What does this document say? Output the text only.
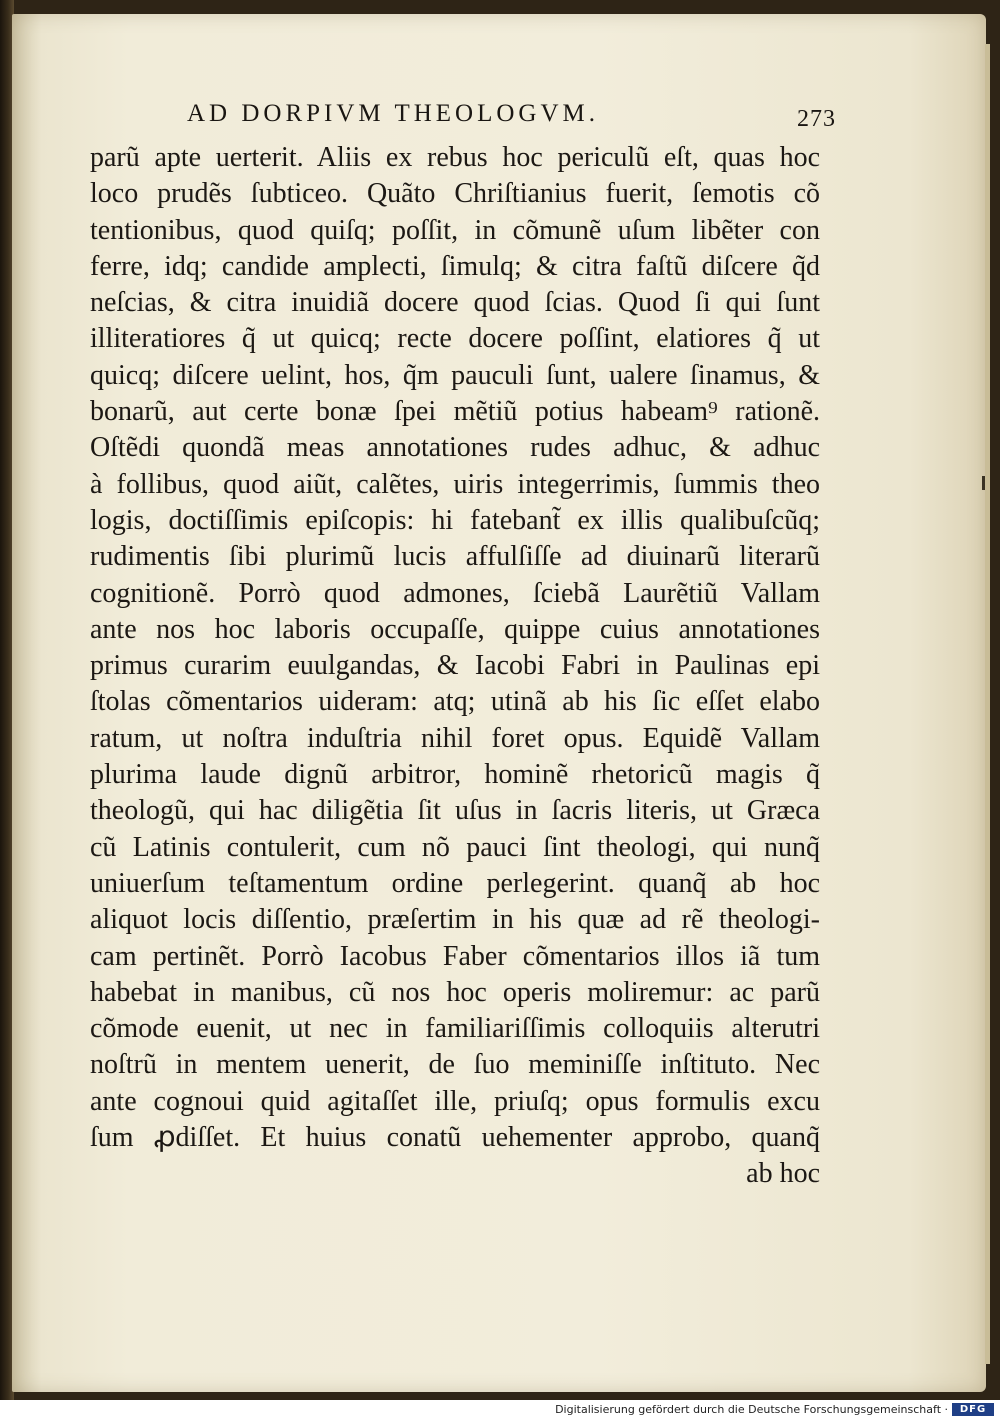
AD DORPIVM THEOLOGVM.	273
parũ apte uerterit. Aliis ex rebus hoc periculũ eſt, quas hoc
loco prudẽs ſubticeo. Quãto Chriſtianius fuerit, ſemotis cõ
tentionibus, quod quiſq; poſſit, in cõmunẽ uſum libẽter con
ferre, idq; candide amplecti, ſimulq; & citra faſtũ diſcere q̃d
neſcias, & citra inuidiã docere quod ſcias. Quod ſi qui ſunt
illiteratiores q̃ ut quicq; recte docere poſſint, elatiores q̃ ut
quicq; diſcere uelint, hos, q̃m pauculi ſunt, ualere ſinamus, &
bonarũ, aut certe bonæ ſpei mẽtiũ potius habeam⁹ rationẽ.
Oſtẽdi quondã meas annotationes rudes adhuc, & adhuc
à follibus, quod aiũt, calẽtes, uiris integerrimis, ſummis theo
logis, doctiſſimis epiſcopis: hi fatebant̃ ex illis qualibuſcũq;
rudimentis ſibi plurimũ lucis affulſiſſe ad diuinarũ literarũ
cognitionẽ. Porrò quod admones, ſciebã Laurẽtiũ Vallam
ante nos hoc laboris occupaſſe, quippe cuius annotationes
primus curarim euulgandas, & Iacobi Fabri in Paulinas epi
ſtolas cõmentarios uideram: atq; utinã ab his ſic eſſet elabo
ratum, ut noſtra induſtria nihil foret opus. Equidẽ Vallam
plurima laude dignũ arbitror, hominẽ rhetoricũ magis q̃
theologũ, qui hac diligẽtia ſit uſus in ſacris literis, ut Græca
cũ Latinis contulerit, cum nõ pauci ſint theologi, qui nunq̃
uniuerſum teſtamentum ordine perlegerint. quanq̃ ab hoc
aliquot locis diſſentio, præſertim in his quæ ad rẽ theologi-
cam pertinẽt. Porrò Iacobus Faber cõmentarios illos iã tum
habebat in manibus, cũ nos hoc operis moliremur: ac parũ
cõmode euenit, ut nec in familiariſſimis colloquiis alterutri
noſtrũ in mentem uenerit, de ſuo meminiſſe inſtituto. Nec
ante cognoui quid agitaſſet ille, priuſq; opus formulis excu
ſum ꝓdiſſet. Et huius conatũ uehementer approbo, quanq̃
ab hoc
Digitalisierung gefördert durch die Deutsche Forschungsgemeinschaft ·	DFG
